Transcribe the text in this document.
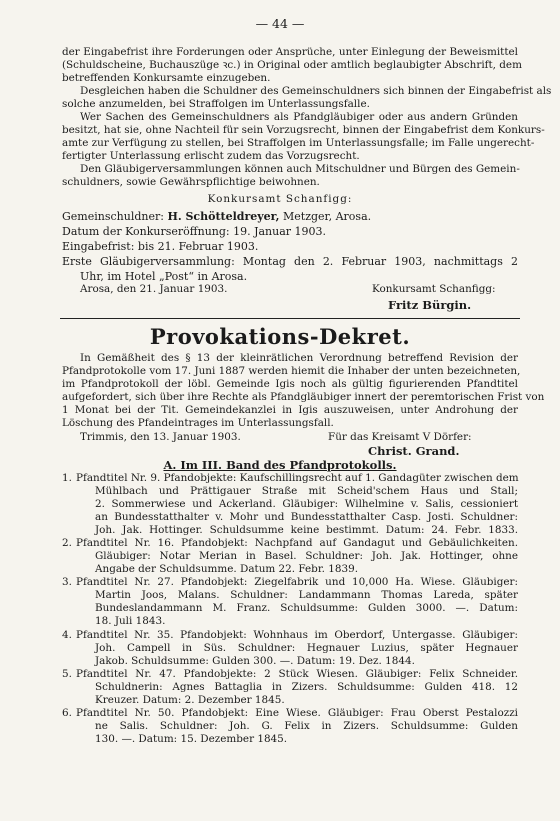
— 44 —
der Eingabefrist ihre Forderungen oder Ansprüche, unter Einlegung der Beweismittel
(Schuldscheine, Buchauszüge ꝛc.) in Original oder amtlich beglaubigter Abschrift, dem
betreffenden Konkursamte einzugeben.
Desgleichen haben die Schuldner des Gemeinschuldners sich binnen der Eingabefrist als
solche anzumelden, bei Straffolgen im Unterlassungsfalle.
Wer Sachen des Gemeinschuldners als Pfandgläubiger oder aus andern Gründen
besitzt, hat sie, ohne Nachteil für sein Vorzugsrecht, binnen der Eingabefrist dem Konkurs-
amte zur Verfügung zu stellen, bei Straffolgen im Unterlassungsfalle; im Falle ungerecht-
fertigter Unterlassung erlischt zudem das Vorzugsrecht.
Den Gläubigerversammlungen können auch Mitschuldner und Bürgen des Gemein-
schuldners, sowie Gewährspflichtige beiwohnen.
Konkursamt Schanfigg:
Gemeinschuldner: H. Schötteldreyer, Metzger, Arosa.
Datum der Konkurseröffnung: 19. Januar 1903.
Eingabefrist: bis 21. Februar 1903.
Erste Gläubigerversammlung: Montag den 2. Februar 1903, nachmittags 2
Uhr, im Hotel „Post“ in Arosa.
Arosa, den 21. Januar 1903.	Konkursamt Schanfigg:
Fritz Bürgin.
Provokations-Dekret.
In Gemäßheit des § 13 der kleinrätlichen Verordnung betreffend Revision der
Pfandprotokolle vom 17. Juni 1887 werden hiemit die Inhaber der unten bezeichneten,
im Pfandprotokoll der löbl. Gemeinde Igis noch als gültig figurierenden Pfandtitel
aufgefordert, sich über ihre Rechte als Pfandgläubiger innert der peremtorischen Frist von
1 Monat bei der Tit. Gemeindekanzlei in Igis auszuweisen, unter Androhung der
Löschung des Pfandeintrages im Unterlassungsfall.
Trimmis, den 13. Januar 1903.	Für das Kreisamt V Dörfer:
Christ. Grand.
A. Im III. Band des Pfandprotokolls.
1. Pfandtitel Nr. 9. Pfandobjekte: Kaufschillingsrecht auf 1. Gandagüter zwischen dem
Mühlbach und Prättigauer Straße mit Scheid'schem Haus und Stall;
2. Sommerwiese und Ackerland. Gläubiger: Wilhelmine v. Salis, cessioniert
an Bundesstatthalter v. Mohr und Bundesstatthalter Casp. Josti. Schuldner:
Joh. Jak. Hottinger. Schuldsumme keine bestimmt. Datum: 24. Febr. 1833.
2. Pfandtitel Nr. 16. Pfandobjekt: Nachpfand auf Gandagut und Gebäulichkeiten.
Gläubiger: Notar Merian in Basel. Schuldner: Joh. Jak. Hottinger, ohne
Angabe der Schuldsumme. Datum 22. Febr. 1839.
3. Pfandtitel Nr. 27. Pfandobjekt: Ziegelfabrik und 10,000 Ha. Wiese. Gläubiger:
Martin Joos, Malans. Schuldner: Landammann Thomas Lareda, später
Bundeslandammann M. Franz. Schuldsumme: Gulden 3000. —. Datum:
18. Juli 1843.
4. Pfandtitel Nr. 35. Pfandobjekt: Wohnhaus im Oberdorf, Untergasse. Gläubiger:
Joh. Campell in Süs. Schuldner: Hegnauer Luzius, später Hegnauer
Jakob. Schuldsumme: Gulden 300. —. Datum: 19. Dez. 1844.
5. Pfandtitel Nr. 47. Pfandobjekte: 2 Stück Wiesen. Gläubiger: Felix Schneider.
Schuldnerin: Agnes Battaglia in Zizers. Schuldsumme: Gulden 418. 12
Kreuzer. Datum: 2. Dezember 1845.
6. Pfandtitel Nr. 50. Pfandobjekt: Eine Wiese. Gläubiger: Frau Oberst Pestalozzi
ne Salis. Schuldner: Joh. G. Felix in Zizers. Schuldsumme: Gulden
130. —. Datum: 15. Dezember 1845.
